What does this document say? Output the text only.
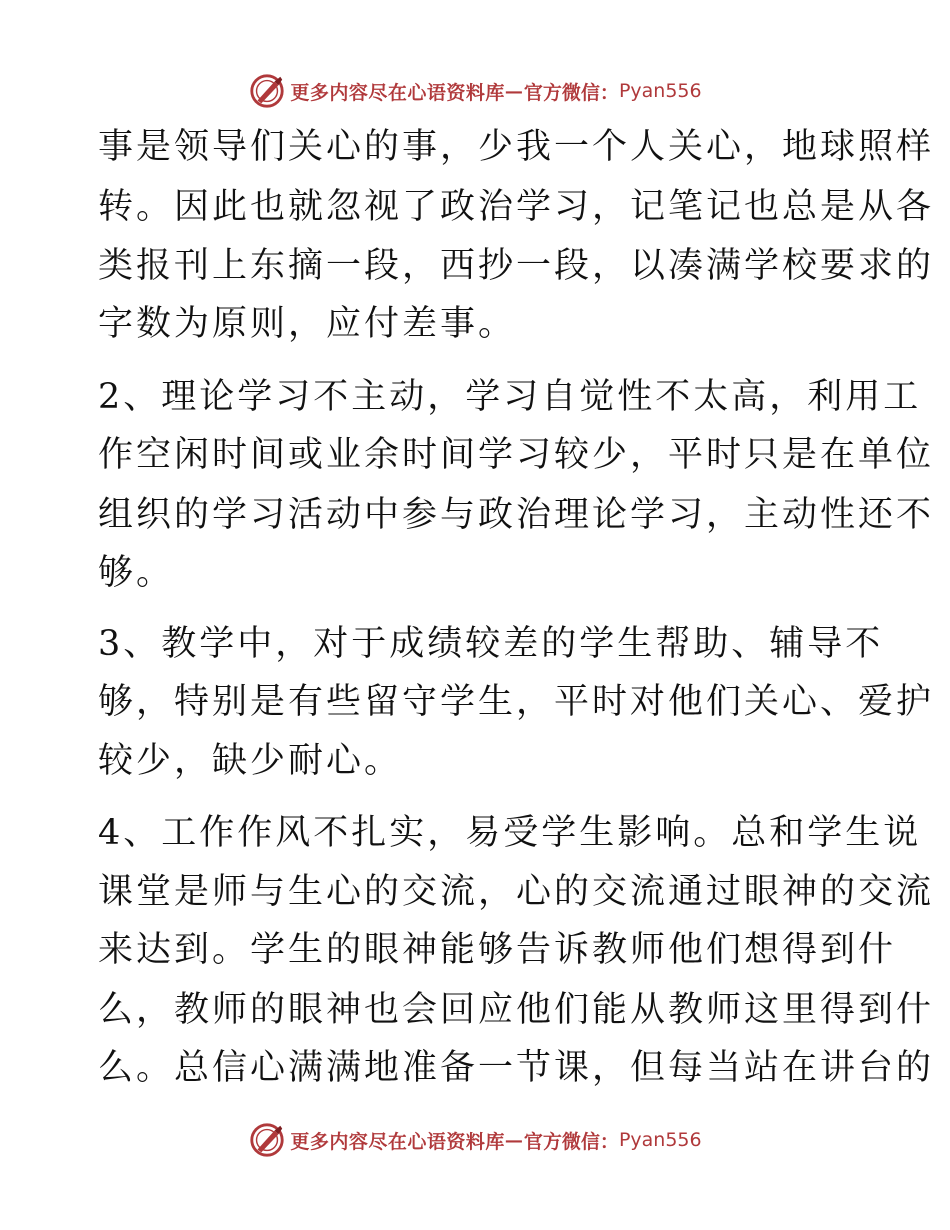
更多内容尽在心语资料库 — 官方微信： Pyan556
事是领导们关心的事，少我一个人关心，地球照样
转。因此也就忽视了政治学习，记笔记也总是从各
类报刊上东摘一段，西抄一段，以凑满学校要求的
字数为原则，应付差事。
2、理论学习不主动，学习自觉性不太高，利用工
作空闲时间或业余时间学习较少，平时只是在单位
组织的学习活动中参与政治理论学习，主动性还不
够。
3、教学中，对于成绩较差的学生帮助、辅导不
够，特别是有些留守学生，平时对他们关心、爱护
较少，缺少耐心。
4、工作作风不扎实，易受学生影响。总和学生说
课堂是师与生心的交流，心的交流通过眼神的交流
来达到。学生的眼神能够告诉教师他们想得到什
么，教师的眼神也会回应他们能从教师这里得到什
么。总信心满满地准备一节课，但每当站在讲台的
更多内容尽在心语资料库 — 官方微信： Pyan556
